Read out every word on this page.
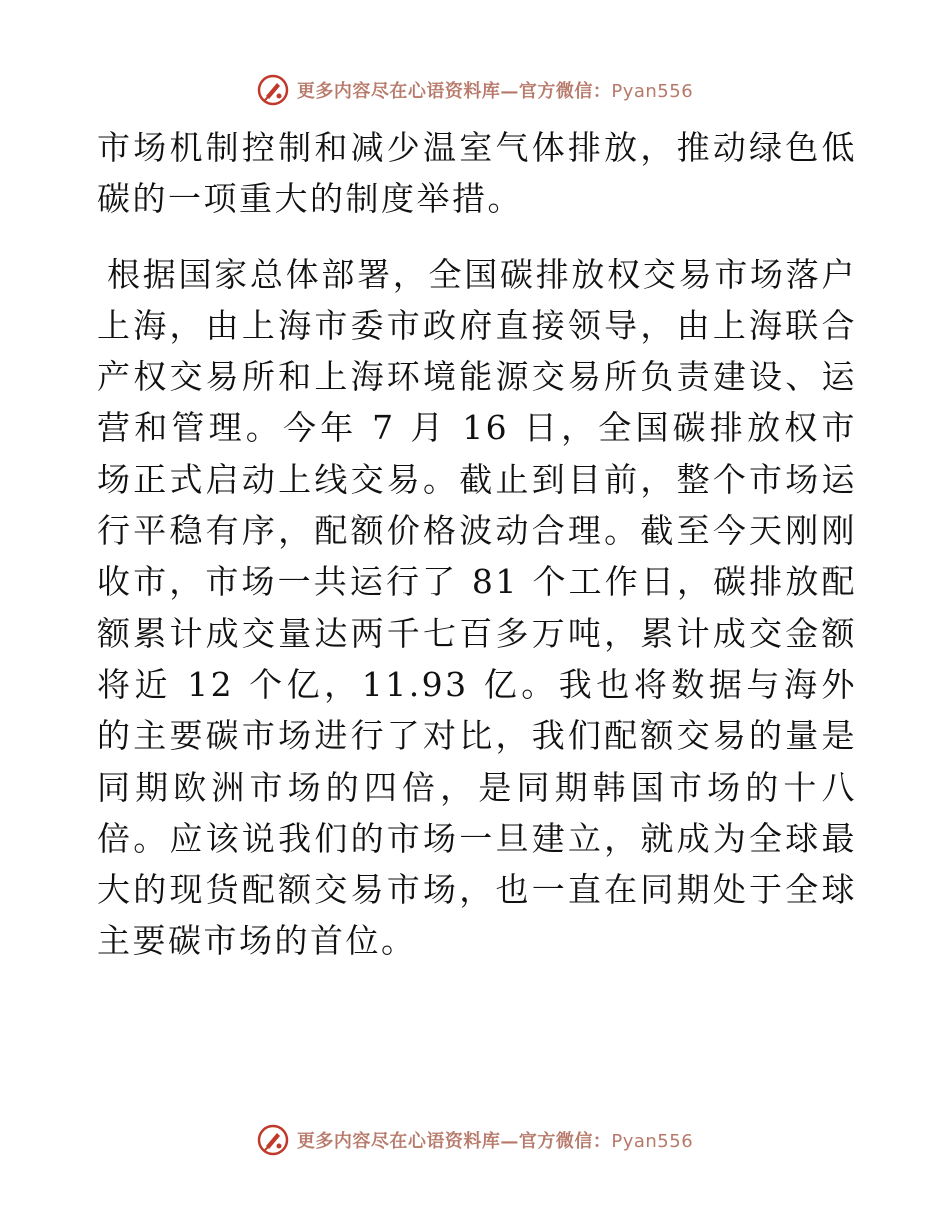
更多内容尽在心语资料库—官方微信：Pyan556

市场机制控制和减少温室气体排放，推动绿色低碳的一项重大的制度举措。

根据国家总体部署，全国碳排放权交易市场落户上海，由上海市委市政府直接领导，由上海联合产权交易所和上海环境能源交易所负责建设、运营和管理。今年 7 月 16 日，全国碳排放权市场正式启动上线交易。截止到目前，整个市场运行平稳有序，配额价格波动合理。截至今天刚刚收市，市场一共运行了 81 个工作日，碳排放配额累计成交量达两千七百多万吨，累计成交金额将近 12 个亿，11.93 亿。我也将数据与海外的主要碳市场进行了对比，我们配额交易的量是同期欧洲市场的四倍，是同期韩国市场的十八倍。应该说我们的市场一旦建立，就成为全球最大的现货配额交易市场，也一直在同期处于全球主要碳市场的首位。

更多内容尽在心语资料库—官方微信：Pyan556
